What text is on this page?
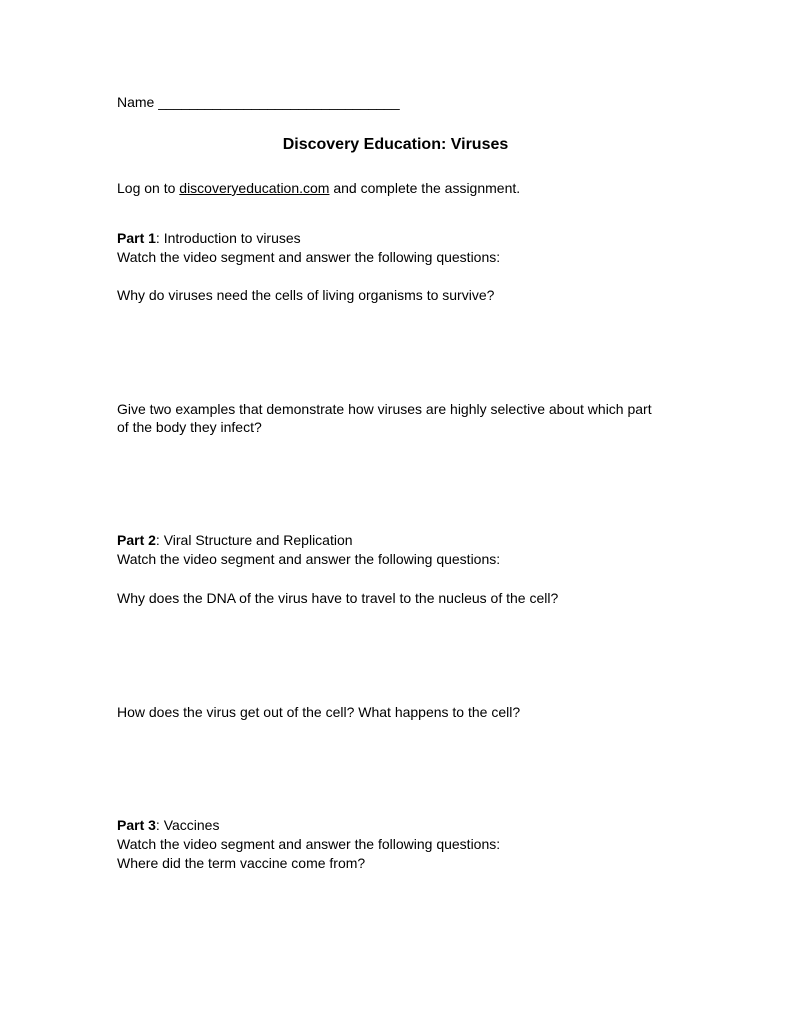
Name _______________________________
Discovery Education: Viruses
Log on to discoveryeducation.com and complete the assignment.
Part 1: Introduction to viruses
Watch the video segment and answer the following questions:
Why do viruses need the cells of living organisms to survive?
Give two examples that demonstrate how viruses are highly selective about which part
of the body they infect?
Part 2: Viral Structure and Replication
Watch the video segment and answer the following questions:
Why does the DNA of the virus have to travel to the nucleus of the cell?
How does the virus get out of the cell? What happens to the cell?
Part 3: Vaccines
Watch the video segment and answer the following questions:
Where did the term vaccine come from?
